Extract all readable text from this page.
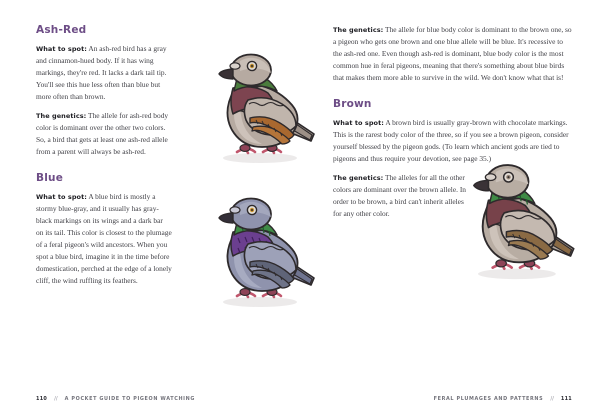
Ash-Red

What to spot: An ash-red bird has a gray and cinnamon-hued body. If it has wing markings, they're red. It lacks a dark tail tip. You'll see this hue less often than blue but more often than brown.

The genetics: The allele for ash-red body color is dominant over the other two colors. So, a bird that gets at least one ash-red allele from a parent will always be ash-red.

Blue

What to spot: A blue bird is mostly a stormy blue-gray, and it usually has gray-black markings on its wings and a dark bar on its tail. This color is closest to the plumage of a feral pigeon's wild ancestors. When you spot a blue bird, imagine it in the time before domestication, perched at the edge of a lonely cliff, the wind ruffling its feathers.

110 // A POCKET GUIDE TO PIGEON WATCHING

The genetics: The allele for blue body color is dominant to the brown one, so a pigeon who gets one brown and one blue allele will be blue. It's recessive to the ash-red one. Even though ash-red is dominant, blue body color is the most common hue in feral pigeons, meaning that there's something about blue birds that makes them more able to survive in the wild. We don't know what that is!

Brown

What to spot: A brown bird is usually gray-brown with chocolate markings. This is the rarest body color of the three, so if you see a brown pigeon, consider yourself blessed by the pigeon gods. (To learn which ancient gods are tied to pigeons and thus require your devotion, see page 35.)

The genetics: The alleles for all the other colors are dominant over the brown allele. In order to be brown, a bird can't inherit alleles for any other color.

FERAL PLUMAGES AND PATTERNS // 111
